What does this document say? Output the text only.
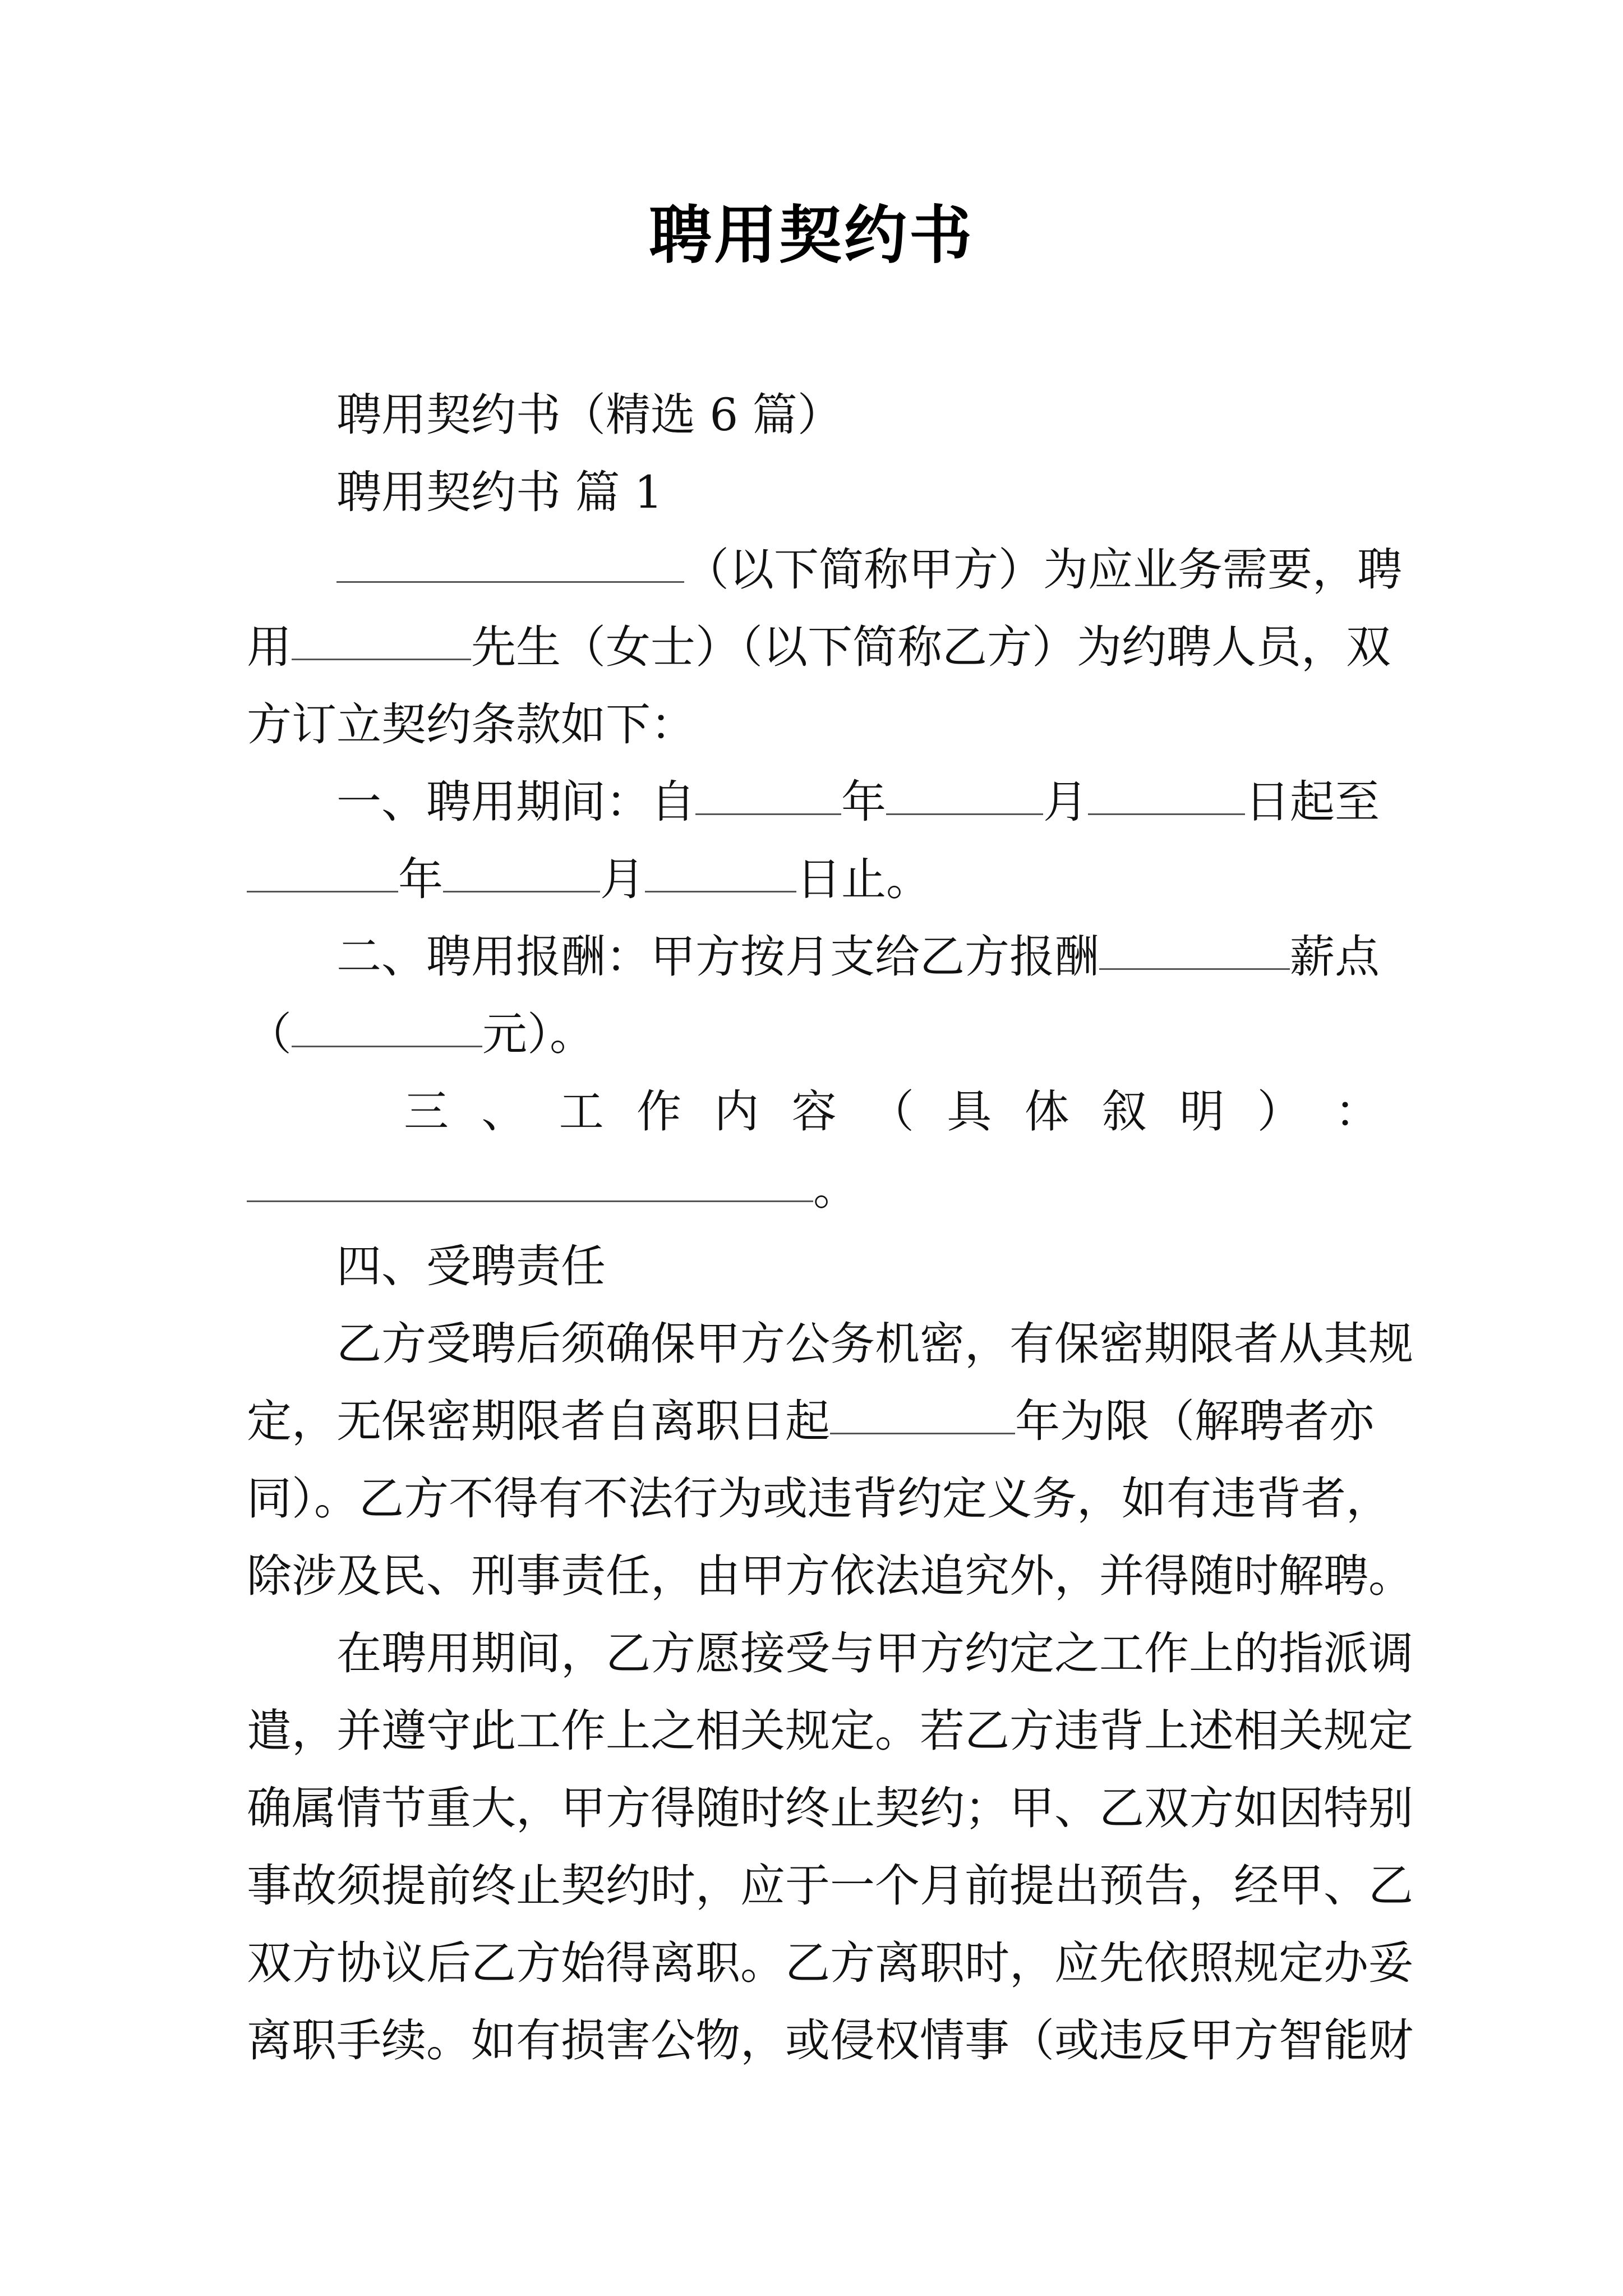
聘用契约书
聘用契约书（精选 6 篇）
聘用契约书 篇 1
（以下简称甲方）为应业务需要，聘
用	先生（女士）（以下简称乙方）为约聘人员，双
方订立契约条款如下：
一、聘用期间：自	年	月	日起至
年	月	日止。
二、聘用报酬：甲方按月支给乙方报酬	薪点
（	元）。
三 、 工 作 内 容 （ 具 体 叙 明 ） ：
。
四、受聘责任
乙方受聘后须确保甲方公务机密，有保密期限者从其规
定，无保密期限者自离职日起	年为限（解聘者亦
同）。乙方不得有不法行为或违背约定义务，如有违背者，
除涉及民、刑事责任，由甲方依法追究外，并得随时解聘。
在聘用期间，乙方愿接受与甲方约定之工作上的指派调
遣，并遵守此工作上之相关规定。若乙方违背上述相关规定
确属情节重大，甲方得随时终止契约；甲、乙双方如因特别
事故须提前终止契约时，应于一个月前提出预告，经甲、乙
双方协议后乙方始得离职。乙方离职时，应先依照规定办妥
离职手续。如有损害公物，或侵权情事（或违反甲方智能财
